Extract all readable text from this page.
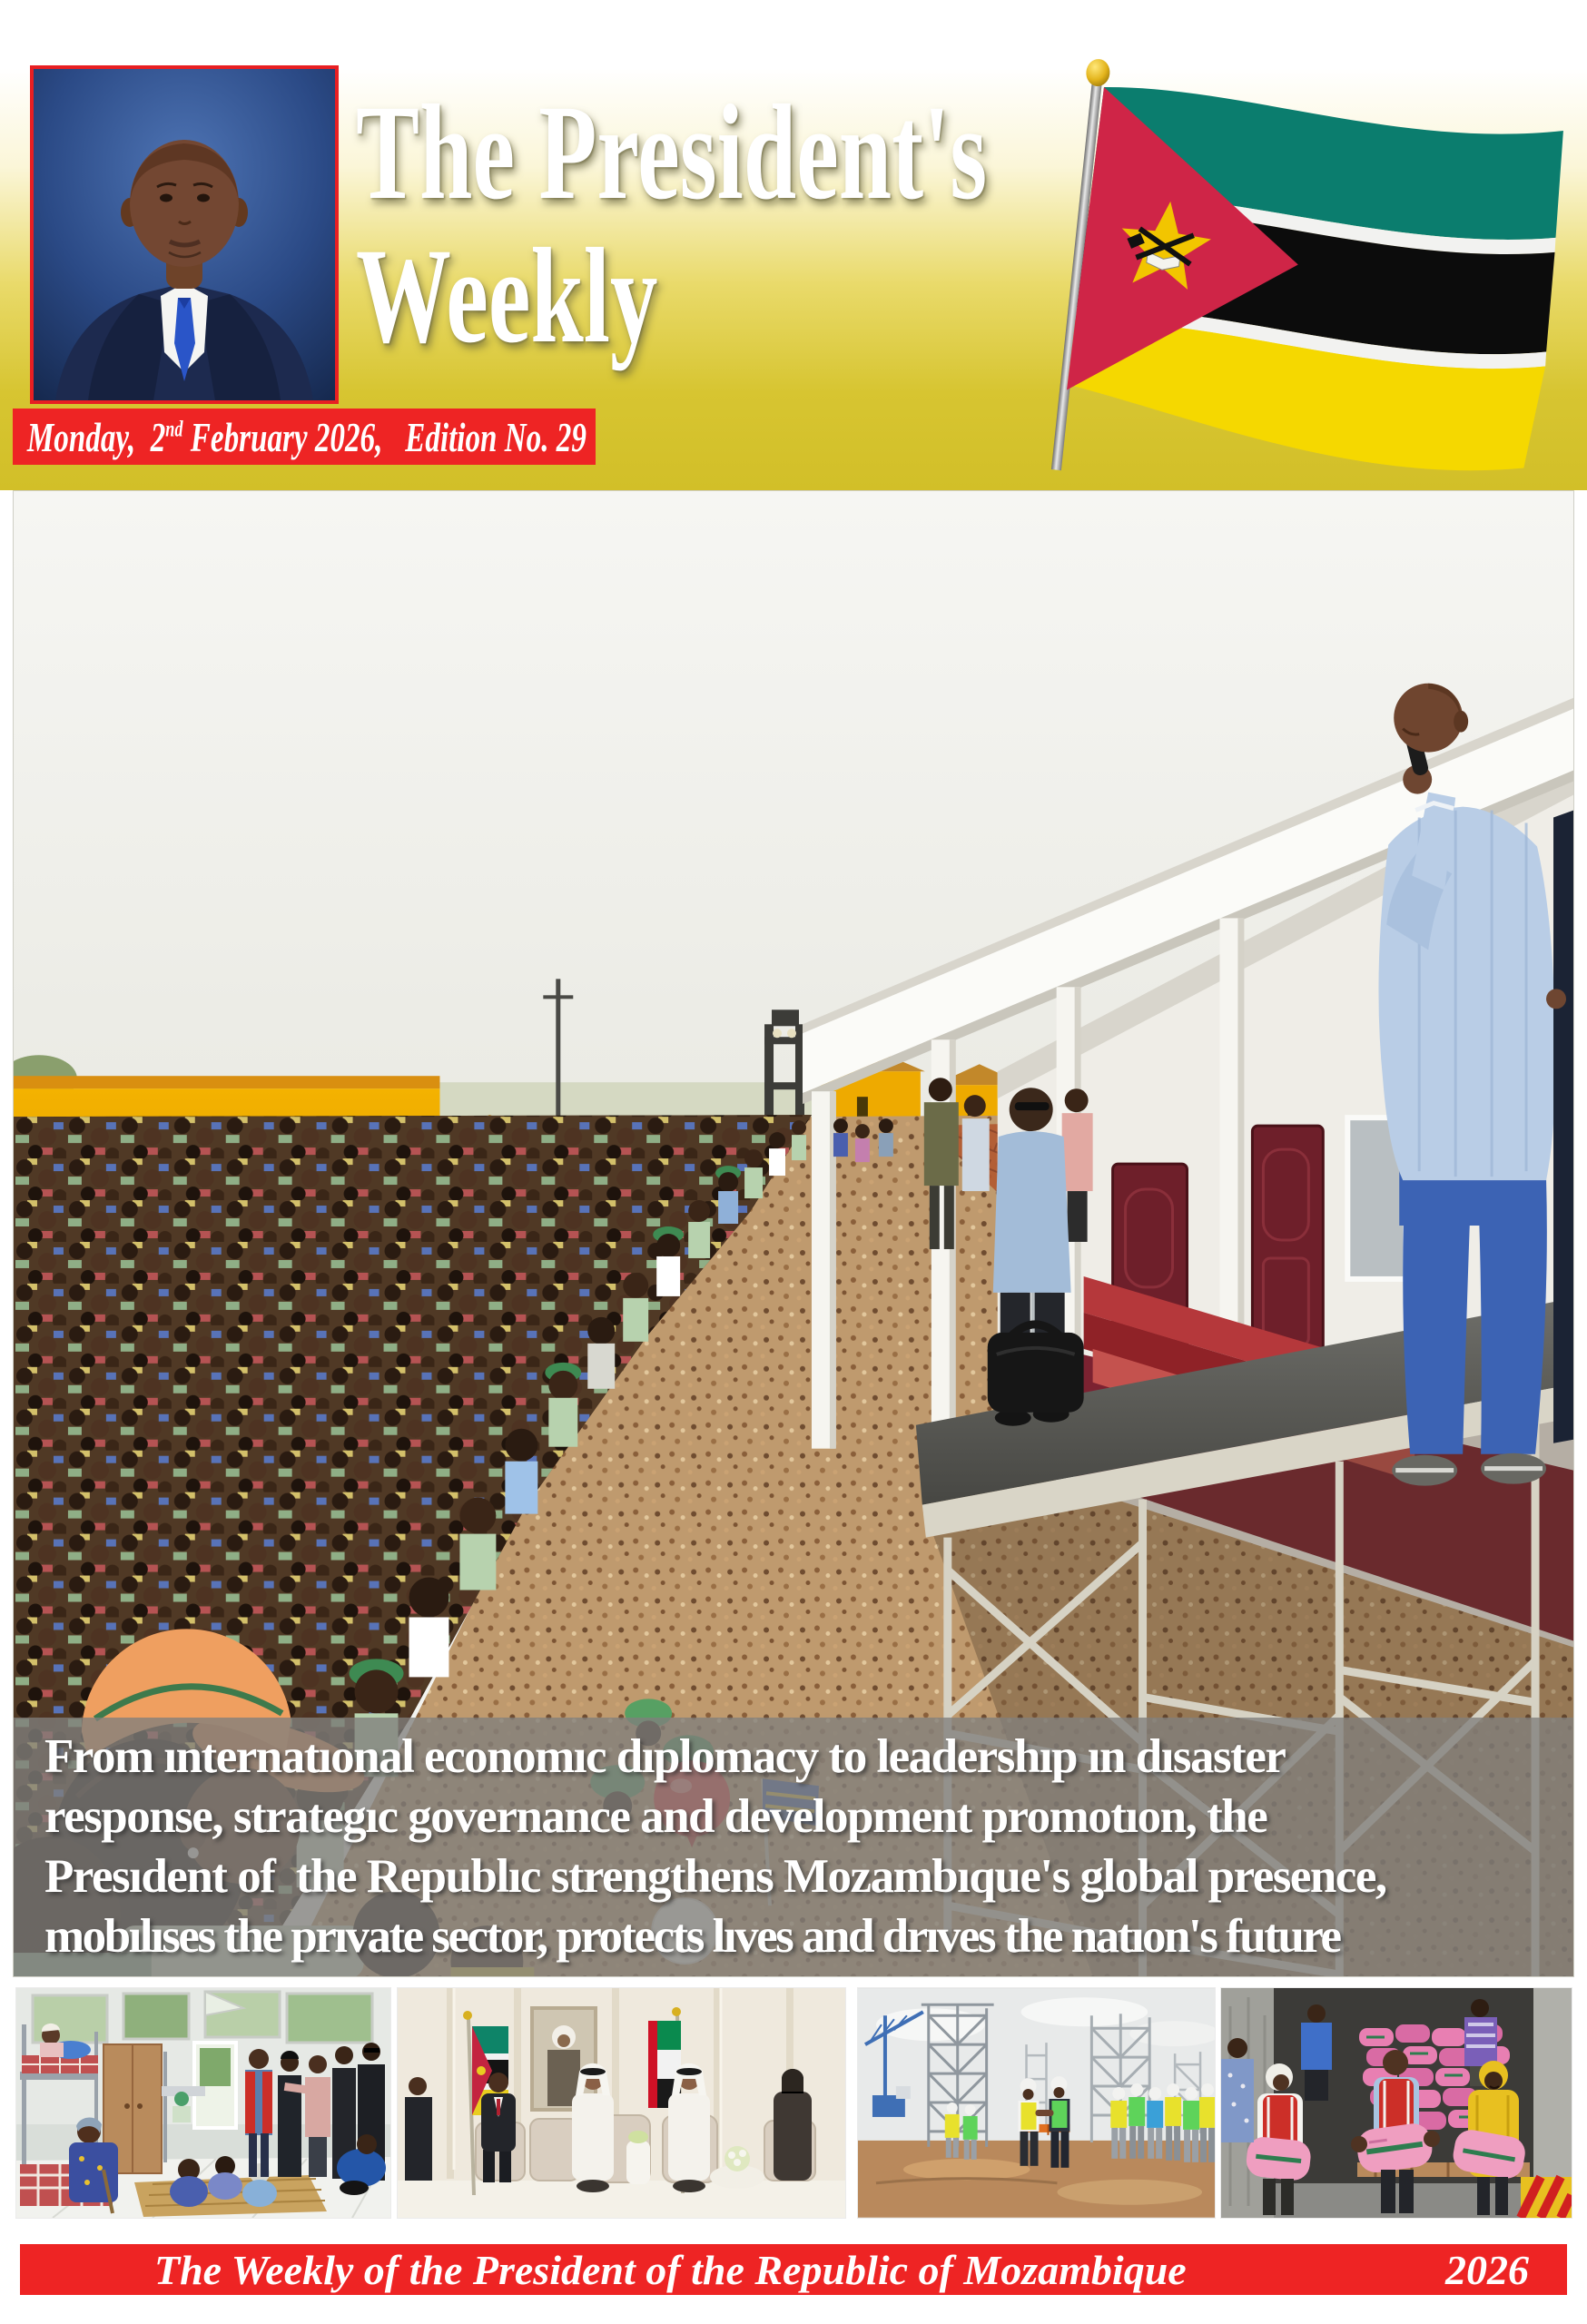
The President's
Weekly
Monday,  2nd February 2026,   Edition No. 29
From ınternatıonal economıc dıplomacy to leadershıp ın dısaster
response, strategıc governance and development promotıon, the
Presıdent of  the Republıc strengthens Mozambıque's global presence,
mobılıses the prıvate sector, protects lıves and drıves the natıon's future
The Weekly of the President of the Republic of Mozambique	2026
